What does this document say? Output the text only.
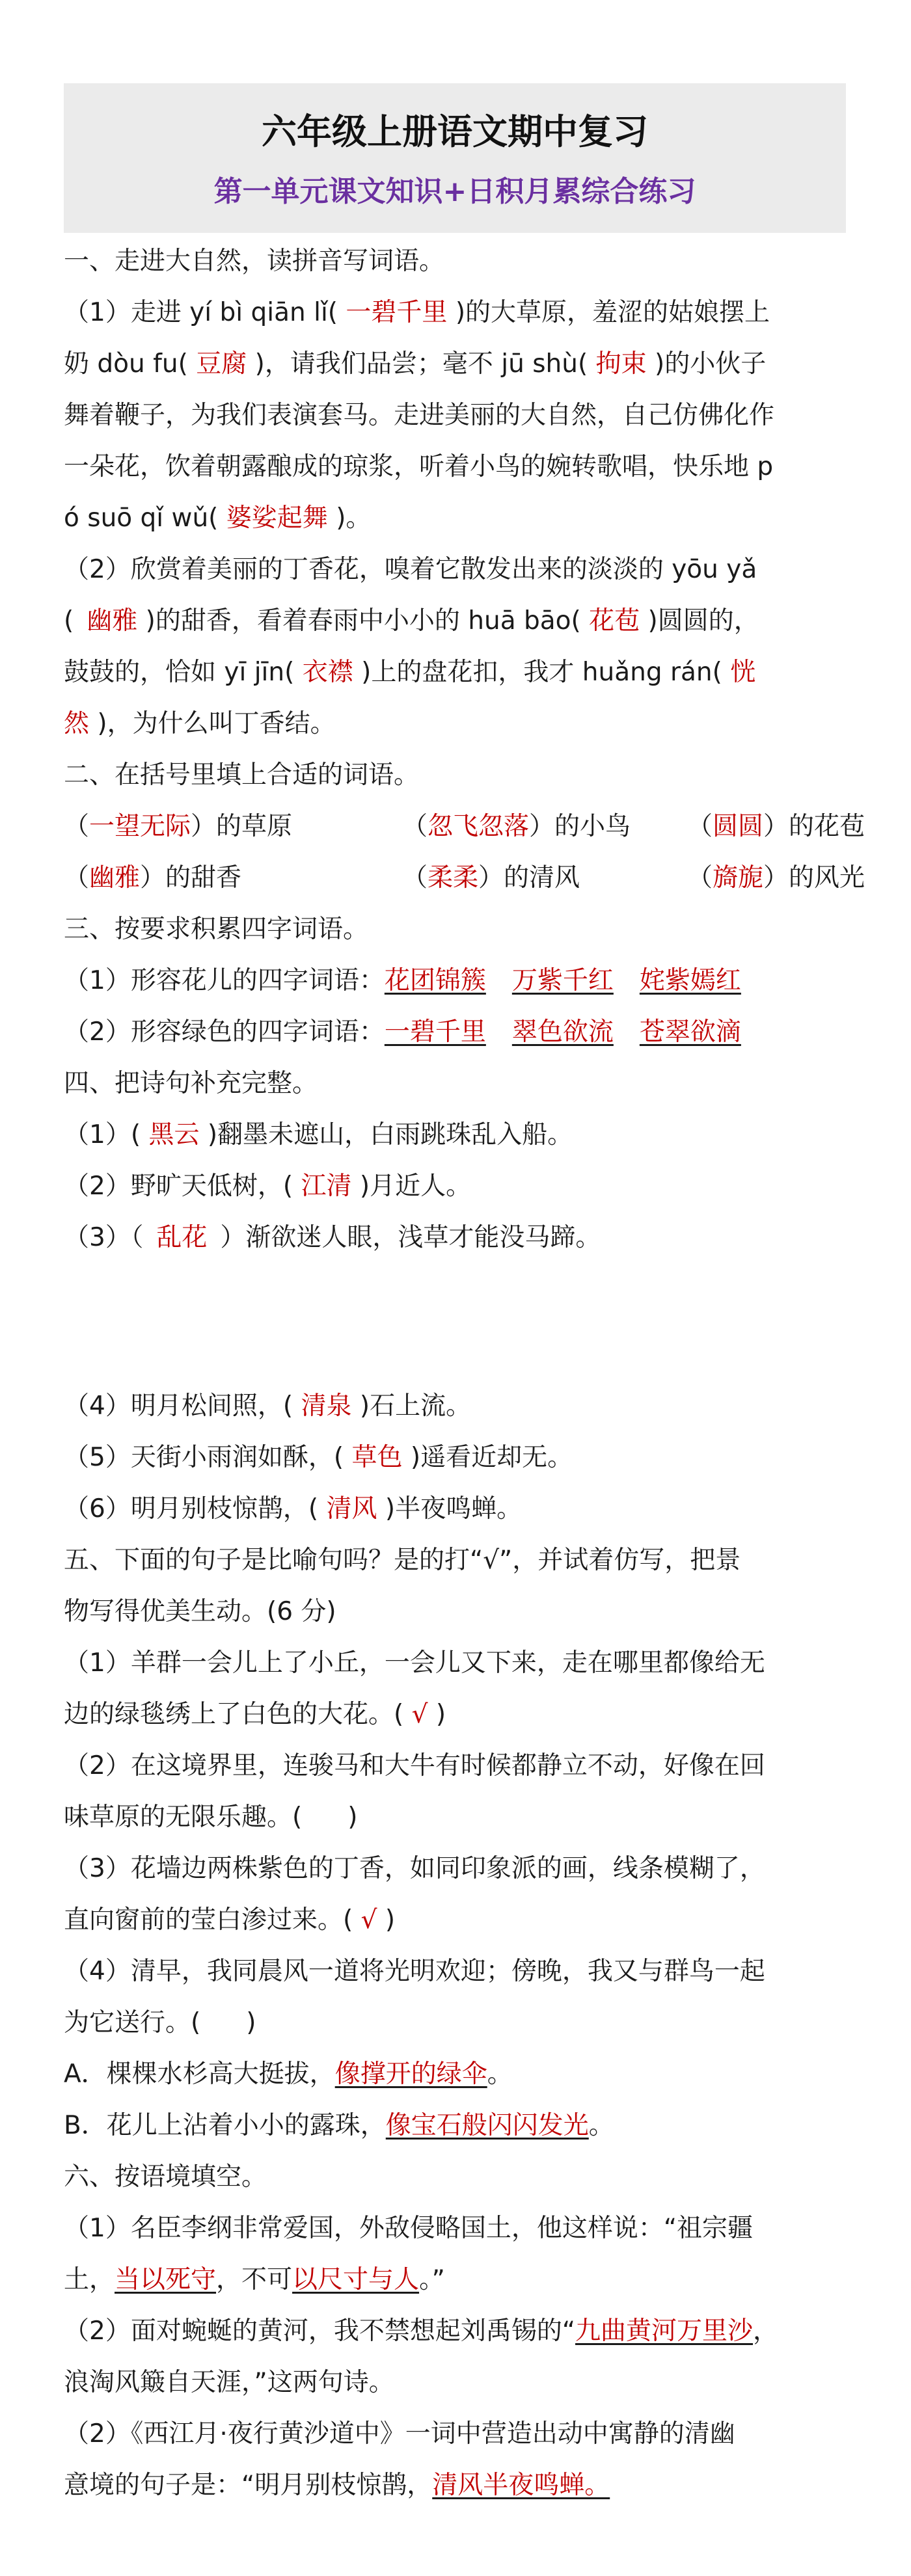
六年级上册语文期中复习
第一单元课文知识+日积月累综合练习
一、走进大自然，读拼音写词语。
（1）走进 yí bì qiān lǐ( 一碧千里 )的大草原，羞涩的姑娘摆上
奶 dòu fu( 豆腐 )，请我们品尝；毫不 jū shù( 拘束 )的小伙子
舞着鞭子，为我们表演套马。走进美丽的大自然，自己仿佛化作
一朵花，饮着朝露酿成的琼浆，听着小鸟的婉转歌唱，快乐地 p
ó suō qǐ wǔ( 婆娑起舞 )。
（2）欣赏着美丽的丁香花，嗅着它散发出来的淡淡的 yōu yǎ
( 幽雅 )的甜香，看着春雨中小小的 huā bāo( 花苞 )圆圆的，
鼓鼓的，恰如 yī jīn( 衣襟 )上的盘花扣，我才 huǎng rán( 恍
然 )，为什么叫丁香结。
二、在括号里填上合适的词语。
（一望无际）的草原	（忽飞忽落）的小鸟 （圆圆）的花苞
（幽雅）的甜香	（柔柔）的清风	（旖旎）的风光
三、按要求积累四字词语。
（1）形容花儿的四字词语：花团锦簇 万紫千红 姹紫嫣红
（2）形容绿色的四字词语：一碧千里 翠色欲流 苍翠欲滴
四、把诗句补充完整。
（1）( 黑云 )翻墨未遮山，白雨跳珠乱入船。
（2）野旷天低树，( 江清 )月近人。
（3）（ 乱花 ）渐欲迷人眼，浅草才能没马蹄。
（4）明月松间照，( 清泉 )石上流。
（5）天街小雨润如酥，( 草色 )遥看近却无。
（6）明月别枝惊鹊，( 清风 )半夜鸣蝉。
五、下面的句子是比喻句吗？是的打“√”，并试着仿写，把景
物写得优美生动。(6 分)
（1）羊群一会儿上了小丘，一会儿又下来，走在哪里都像给无
边的绿毯绣上了白色的大花。( √ )
（2）在这境界里，连骏马和大牛有时候都静立不动，好像在回
味草原的无限乐趣。( )
（3）花墙边两株紫色的丁香，如同印象派的画，线条模糊了，
直向窗前的莹白渗过来。( √ )
（4）清早，我同晨风一道将光明欢迎；傍晚，我又与群鸟一起
为它送行。( )
A．棵棵水杉高大挺拔，像撑开的绿伞。
B．花儿上沾着小小的露珠，像宝石般闪闪发光。
六、按语境填空。
（1）名臣李纲非常爱国，外敌侵略国土，他这样说：“祖宗疆
土，当以死守，不可以尺寸与人。”
（2）面对蜿蜒的黄河，我不禁想起刘禹锡的“九曲黄河万里沙，
浪淘风簸自天涯，”这两句诗。
（2）《西江月·夜行黄沙道中》一词中营造出动中寓静的清幽
意境的句子是：“明月别枝惊鹊，清风半夜鸣蝉。
